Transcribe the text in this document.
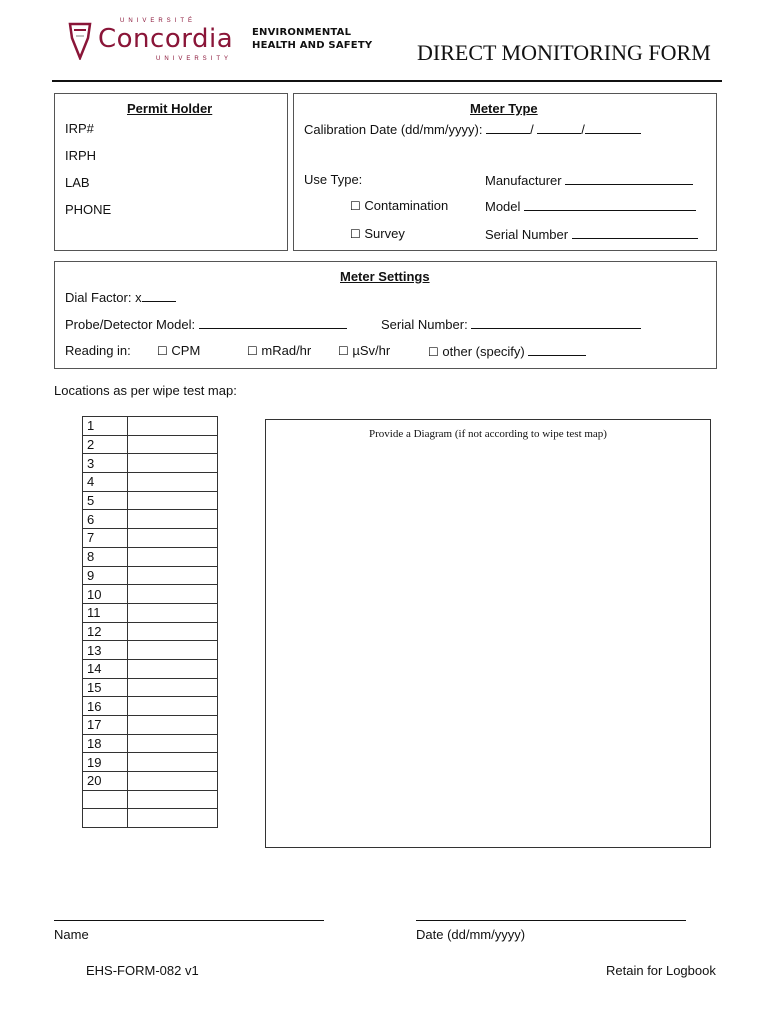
UNIVERSITÉ
Concordia
UNIVERSITY
ENVIRONMENTAL
HEALTH AND SAFETY DIRECT MONITORING FORM
Permit Holder
IRP#
IRPH
LAB
PHONE
Meter Type
Calibration Date (dd/mm/yyyy):	/	/
Use Type:
☐ Contamination
☐ Survey
Manufacturer
Model
Serial Number
Meter Settings
Dial Factor: x
Probe/Detector Model:	Serial Number:
Reading in: ☐ CPM	☐ mRad/hr ☐ µSv/hr	☐ other (specify)
Locations as per wipe test map:
1	
2	
3	
4	
5	
6	
7	
8	
9	
10	
11	
12	
13	
14	
15	
16	
17	
18	
19	
20	

Provide a Diagram (if not according to wipe test map)
Name	Date (dd/mm/yyyy)
EHS-FORM-082 v1	Retain for Logbook
